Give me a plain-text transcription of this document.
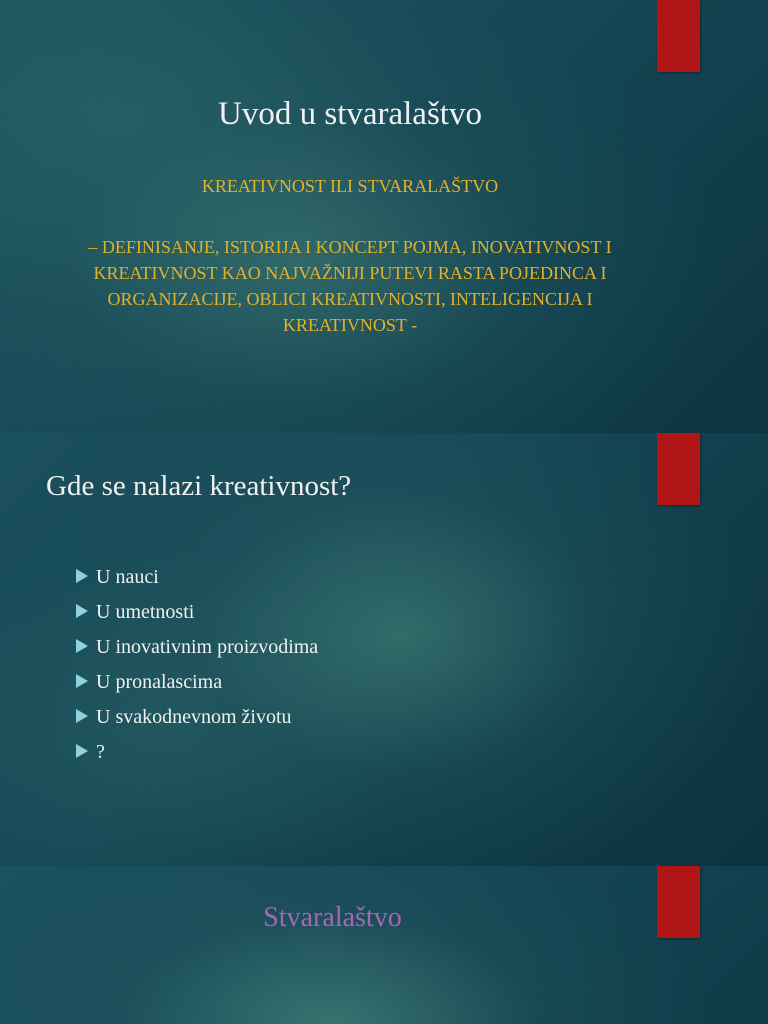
Uvod u stvaralaštvo

KREATIVNOST ILI STVARALAŠTVO

– DEFINISANJE, ISTORIJA I KONCEPT POJMA, INOVATIVNOST I KREATIVNOST KAO NAJVAŽNIJI PUTEVI RASTA POJEDINCA I ORGANIZACIJE, OBLICI KREATIVNOSTI, INTELIGENCIJA I KREATIVNOST -

Gde se nalazi kreativnost?
U nauci
U umetnosti
U inovativnim proizvodima
U pronalascima
U svakodnevnom životu
?
Stvaralaštvo
